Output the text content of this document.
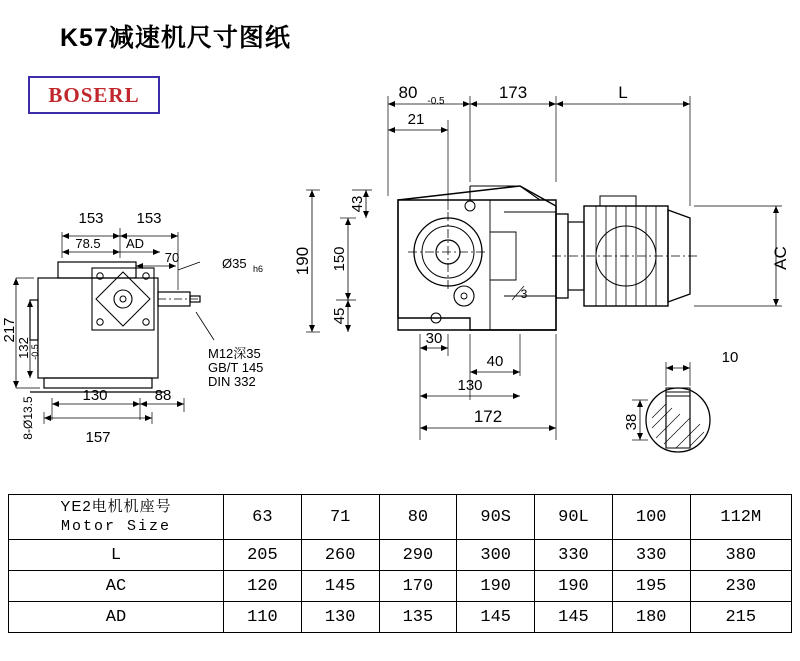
K57减速机尺寸图纸
BOSERL
153 153
78.5 AD
70
130	88
157
217
132 -0.5
8-Ø13.5
Ø35 h6
M12深35
GB/T 145
DIN 332
80 -0.5	173	L
21
43
150
45
190	AC
30
40
130
172
3
10
38
YE2电机机座号
Motor Size	63	71	80	90S	90L	100	112M
L	205	260	290	300	330	330	380
AC	120	145	170	190	190	195	230
AD	110	130	135	145	145	180	215
